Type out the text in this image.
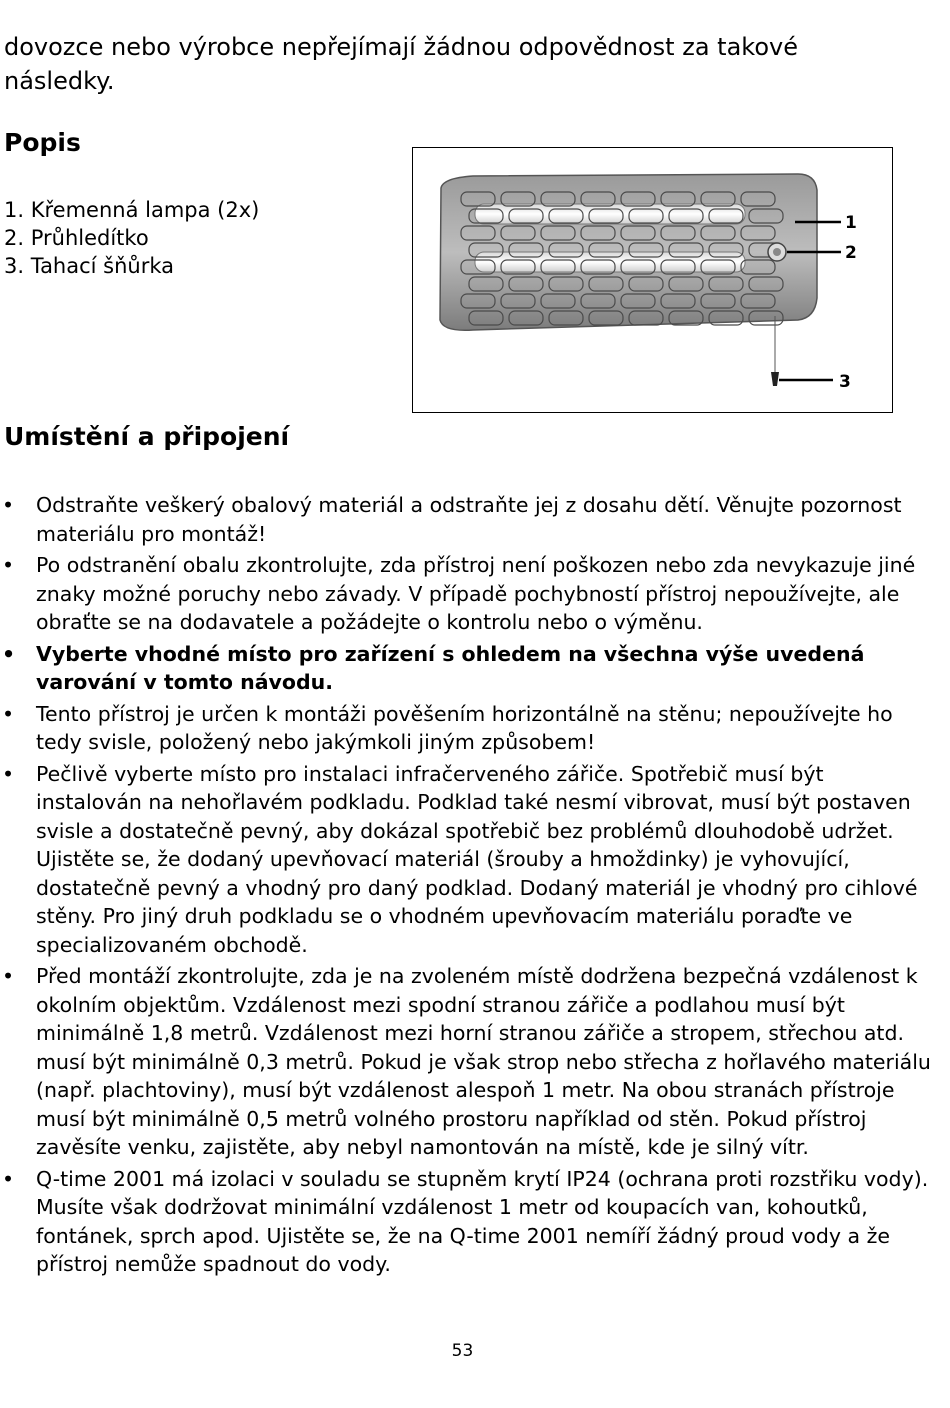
dovozce nebo výrobce nepřejímají žádnou odpovědnost za takové následky.
Popis
1. Křemenná lampa (2x)
2. Průhledítko
3. Tahací šňůrka
1
2
3
Umístění a připojení
• Odstraňte veškerý obalový materiál a odstraňte jej z dosahu dětí. Věnujte pozornost materiálu pro montáž!
• Po odstranění obalu zkontrolujte, zda přístroj není poškozen nebo zda nevykazuje jiné znaky možné poruchy nebo závady. V případě pochybností přístroj nepoužívejte, ale obraťte se na dodavatele a požádejte o kontrolu nebo o výměnu.
• Vyberte vhodné místo pro zařízení s ohledem na všechna výše uvedená varování v tomto návodu.
• Tento přístroj je určen k montáži pověšením horizontálně na stěnu; nepoužívejte ho tedy svisle, položený nebo jakýmkoli jiným způsobem!
• Pečlivě vyberte místo pro instalaci infračerveného zářiče. Spotřebič musí být instalován na nehořlavém podkladu. Podklad také nesmí vibrovat, musí být postaven svisle a dostatečně pevný, aby dokázal spotřebič bez problémů dlouhodobě udržet. Ujistěte se, že dodaný upevňovací materiál (šrouby a hmoždinky) je vyhovující, dostatečně pevný a vhodný pro daný podklad. Dodaný materiál je vhodný pro cihlové stěny. Pro jiný druh podkladu se o vhodném upevňovacím materiálu poraďte ve specializovaném obchodě.
• Před montáží zkontrolujte, zda je na zvoleném místě dodržena bezpečná vzdálenost k okolním objektům. Vzdálenost mezi spodní stranou zářiče a podlahou musí být minimálně 1,8 metrů. Vzdálenost mezi horní stranou zářiče a stropem, střechou atd. musí být minimálně 0,3 metrů. Pokud je však strop nebo střecha z hořlavého materiálu (např. plachtoviny), musí být vzdálenost alespoň 1 metr. Na obou stranách přístroje musí být minimálně 0,5 metrů volného prostoru například od stěn. Pokud přístroj zavěsíte venku, zajistěte, aby nebyl namontován na místě, kde je silný vítr.
• Q-time 2001 má izolaci v souladu se stupněm krytí IP24 (ochrana proti rozstřiku vody). Musíte však dodržovat minimální vzdálenost 1 metr od koupacích van, kohoutků, fontánek, sprch apod. Ujistěte se, že na Q-time 2001 nemíří žádný proud vody a že přístroj nemůže spadnout do vody.
53
